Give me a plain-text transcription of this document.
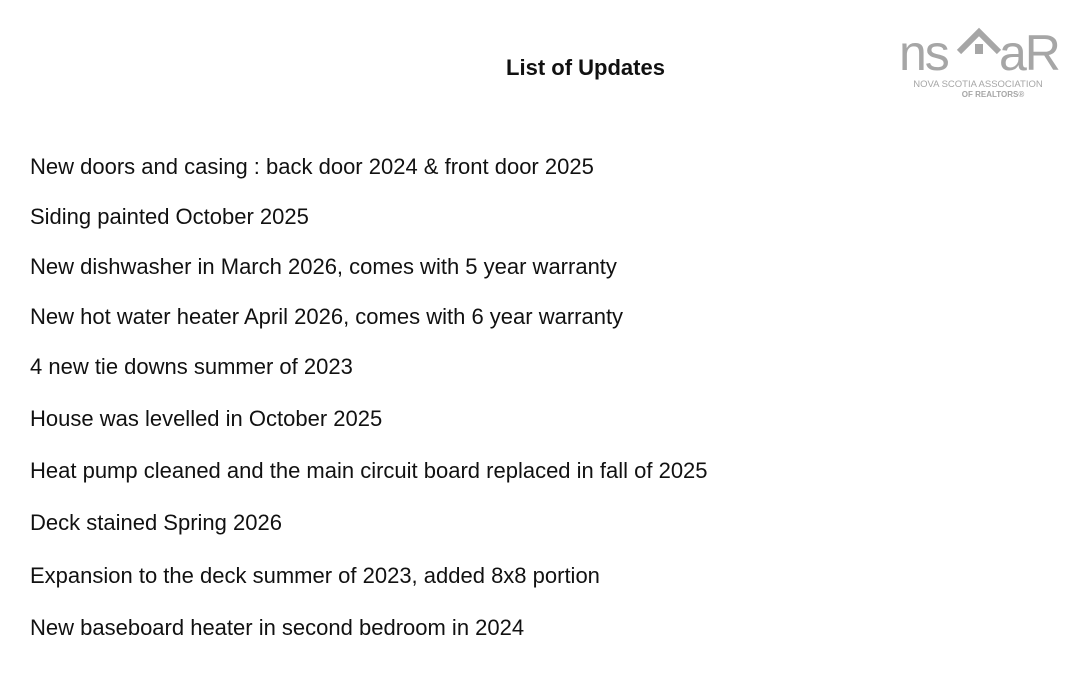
List of Updates	ns aR
NOVA SCOTIA ASSOCIATION
OF REALTORS®
New doors and casing : back door 2024 & front door 2025
Siding painted October 2025
New dishwasher in March 2026, comes with 5 year warranty
New hot water heater April 2026, comes with 6 year warranty
4 new tie downs summer of 2023
House was levelled in October 2025
Heat pump cleaned and the main circuit board replaced in fall of 2025
Deck stained Spring 2026
Expansion to the deck summer of 2023, added 8x8 portion
New baseboard heater in second bedroom in 2024
